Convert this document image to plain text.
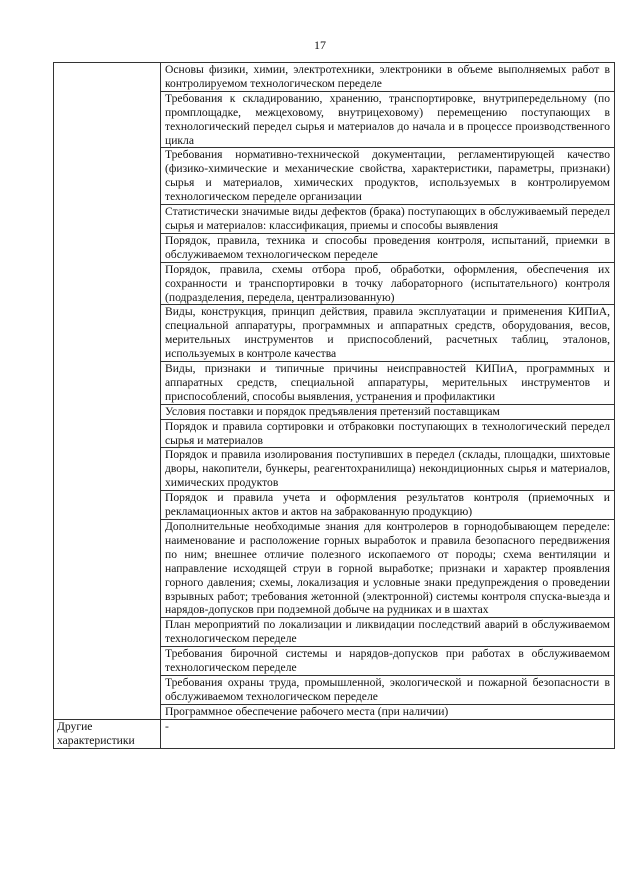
17
	Основы физики, химии, электротехники, электроники в объеме выполняемых работ в контролируемом технологическом переделе
	Требования к складированию, хранению, транспортировке, внутрипередельному (по промплощадке, межцеховому, внутрицеховому) перемещению поступающих в технологический передел сырья и материалов до начала и в процессе производственного цикла
	Требования нормативно-технической документации, регламентирующей качество (физико-химические и механические свойства, характеристики, параметры, признаки) сырья и материалов, химических продуктов, используемых в контролируемом технологическом переделе организации
	Статистически значимые виды дефектов (брака) поступающих в обслуживаемый передел сырья и материалов: классификация, приемы и способы выявления
	Порядок, правила, техника и способы проведения контроля, испытаний, приемки в обслуживаемом технологическом переделе
	Порядок, правила, схемы отбора проб, обработки, оформления, обеспечения их сохранности и транспортировки в точку лабораторного (испытательного) контроля (подразделения, передела, централизованную)
	Виды, конструкция, принцип действия, правила эксплуатации и применения КИПиА, специальной аппаратуры, программных и аппаратных средств, оборудования, весов, мерительных инструментов и приспособлений, расчетных таблиц, эталонов, используемых в контроле качества
	Виды, признаки и типичные причины неисправностей КИПиА, программных и аппаратных средств, специальной аппаратуры, мерительных инструментов и приспособлений, способы выявления, устранения и профилактики
	Условия поставки и порядок предъявления претензий поставщикам
	Порядок и правила сортировки и отбраковки поступающих в технологический передел сырья и материалов
	Порядок и правила изолирования поступивших в передел (склады, площадки, шихтовые дворы, накопители, бункеры, реагентохранилища) некондиционных сырья и материалов, химических продуктов
	Порядок и правила учета и оформления результатов контроля (приемочных и рекламационных актов и актов на забракованную продукцию)
	Дополнительные необходимые знания для контролеров в горнодобывающем переделе: наименование и расположение горных выработок и правила безопасного передвижения по ним; внешнее отличие полезного ископаемого от породы; схема вентиляции и направление исходящей струи в горной выработке; признаки и характер проявления горного давления; схемы, локализация и условные знаки предупреждения о проведении взрывных работ; требования жетонной (электронной) системы контроля спуска-выезда и нарядов-допусков при подземной добыче на рудниках и в шахтах
	План мероприятий по локализации и ликвидации последствий аварий в обслуживаемом технологическом переделе
	Требования бирочной системы и нарядов-допусков при работах в обслуживаемом технологическом переделе
	Требования охраны труда, промышленной, экологической и пожарной безопасности в обслуживаемом технологическом переделе
	Программное обеспечение рабочего места (при наличии)
Другие характеристики	-
